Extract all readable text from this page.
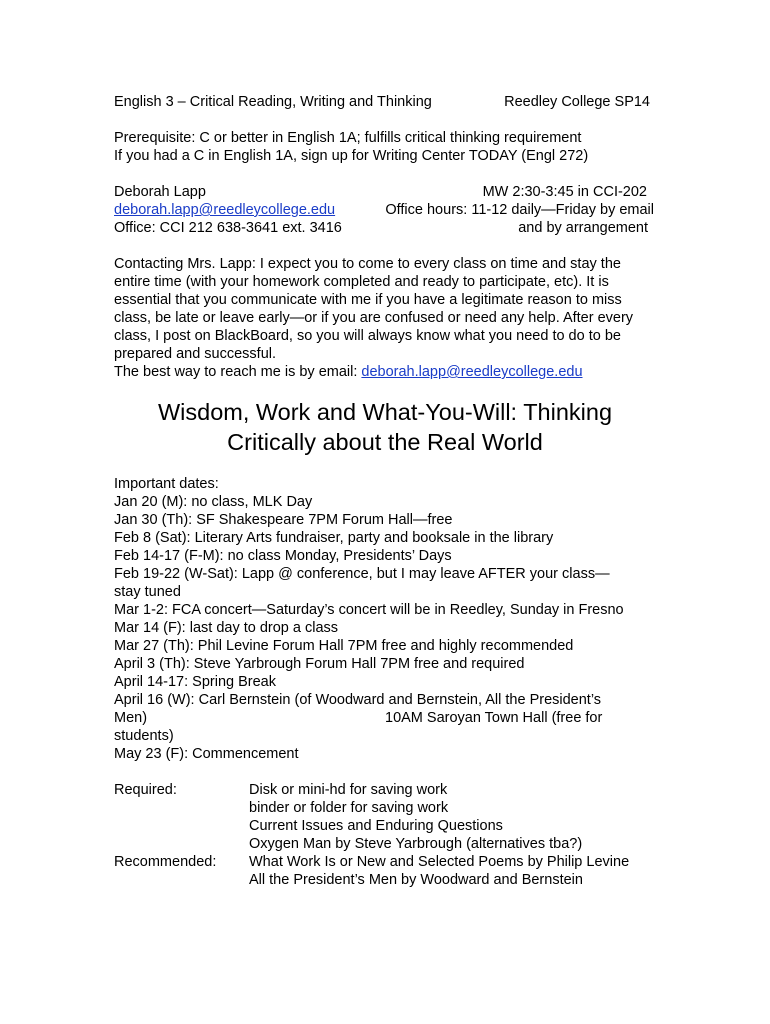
English 3 – Critical Reading, Writing and Thinking	Reedley College SP14
Prerequisite: C or better in English 1A; fulfills critical thinking requirement
If you had a C in English 1A, sign up for Writing Center TODAY (Engl 272)
Deborah Lapp	MW 2:30-3:45 in CCI-202
deborah.lapp@reedleycollege.edu	Office hours: 11-12 daily—Friday by email
Office: CCI 212 638-3641 ext. 3416	and by arrangement
Contacting Mrs. Lapp: I expect you to come to every class on time and stay the
entire time (with your homework completed and ready to participate, etc). It is
essential that you communicate with me if you have a legitimate reason to miss
class, be late or leave early—or if you are confused or need any help. After every
class, I post on BlackBoard, so you will always know what you need to do to be
prepared and successful.
The best way to reach me is by email: deborah.lapp@reedleycollege.edu
Wisdom, Work and What-You-Will: Thinking
Critically about the Real World
Important dates:
Jan 20 (M): no class, MLK Day
Jan 30 (Th): SF Shakespeare 7PM Forum Hall—free
Feb 8 (Sat): Literary Arts fundraiser, party and booksale in the library
Feb 14-17 (F-M): no class Monday, Presidents’ Days
Feb 19-22 (W-Sat): Lapp @ conference, but I may leave AFTER your class—
stay tuned
Mar 1-2: FCA concert—Saturday’s concert will be in Reedley, Sunday in Fresno
Mar 14 (F): last day to drop a class
Mar 27 (Th): Phil Levine Forum Hall 7PM free and highly recommended
April 3 (Th): Steve Yarbrough Forum Hall 7PM free and required
April 14-17: Spring Break
April 16 (W): Carl Bernstein (of Woodward and Bernstein, All the President’s
Men)	10AM Saroyan Town Hall (free for
students)
May 23 (F): Commencement
Required:	Disk or mini-hd for saving work
binder or folder for saving work
Current Issues and Enduring Questions
Oxygen Man by Steve Yarbrough (alternatives tba?)
Recommended: What Work Is or New and Selected Poems by Philip Levine
All the President’s Men by Woodward and Bernstein
